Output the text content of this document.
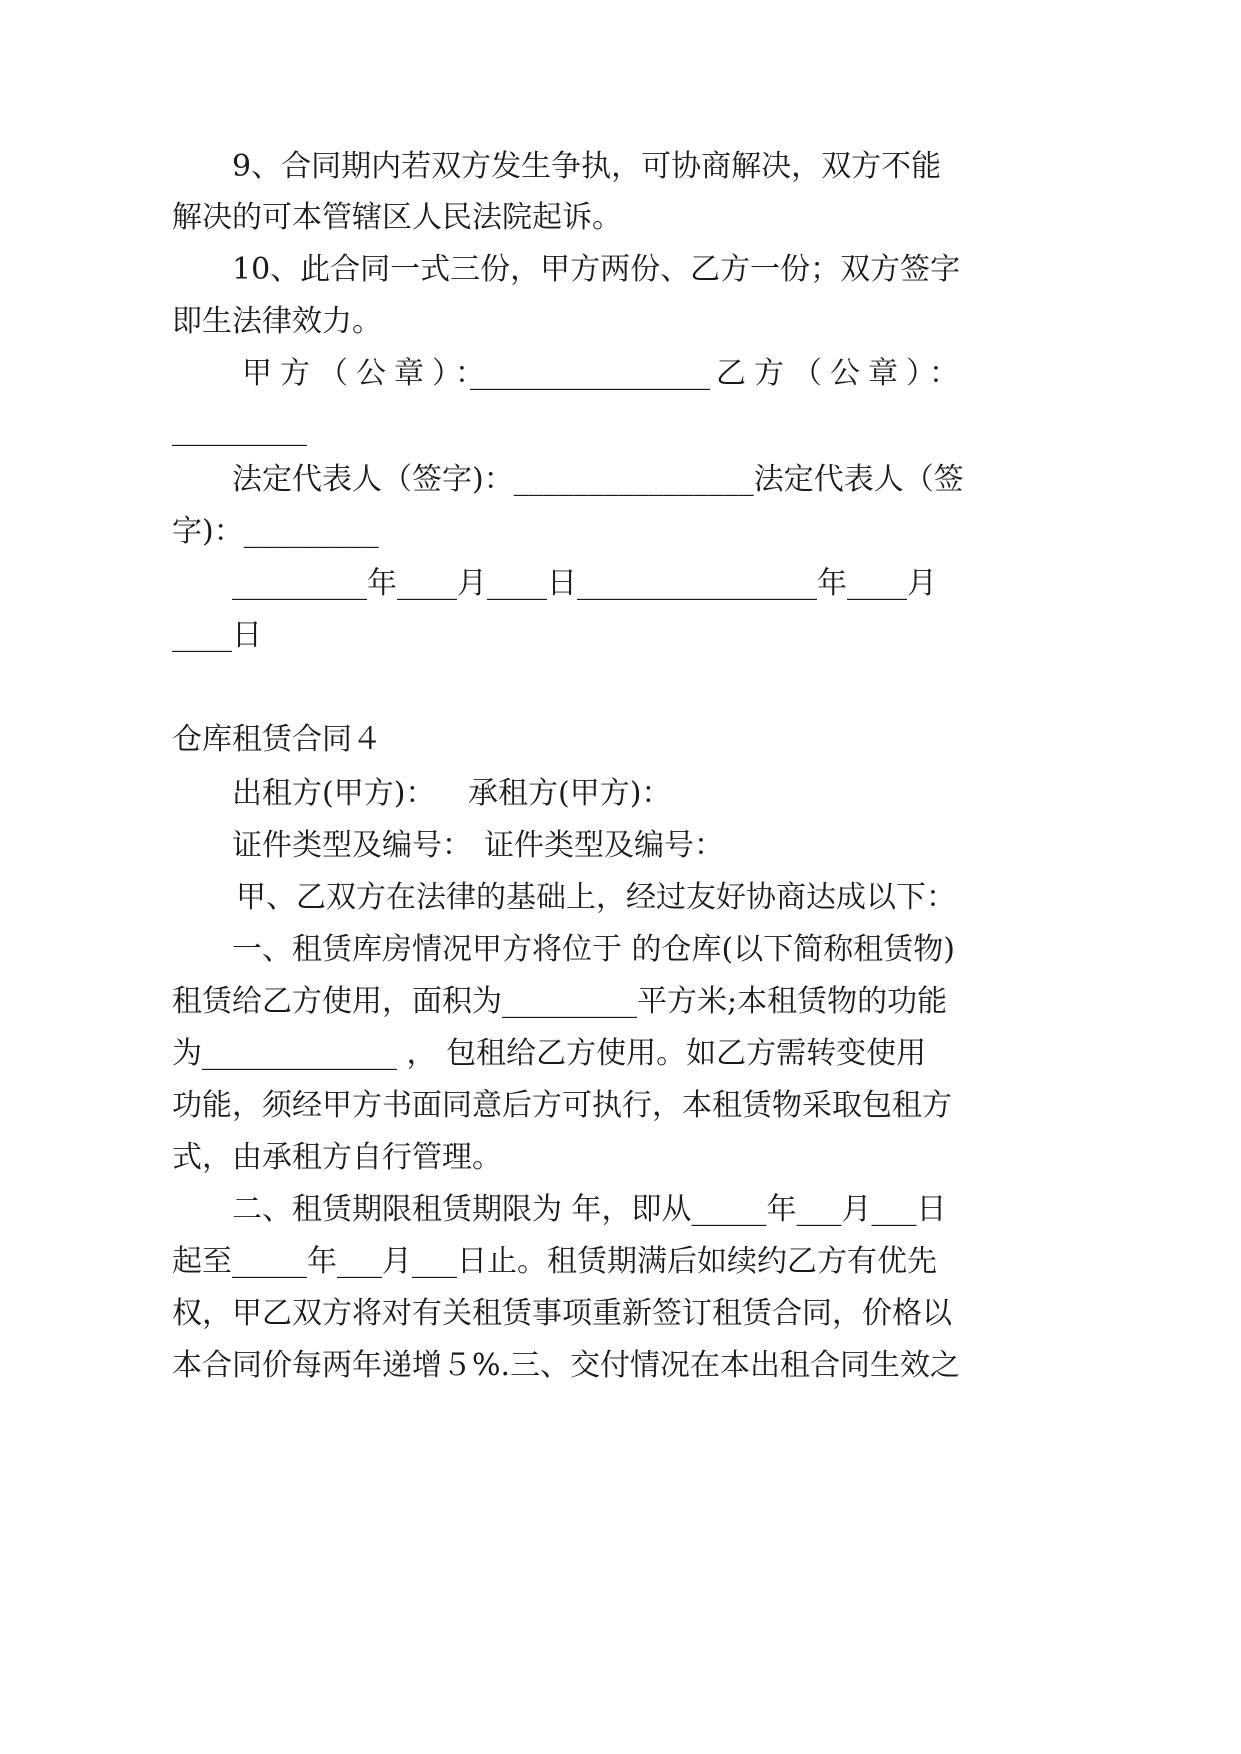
9、合同期内若双方发生争执，可协商解决，双方不能

解决的可本管辖区人民法院起诉。

10、此合同一式三份，甲方两份、乙方一份；双方签字

即生法律效力。

甲方（公章）：

________________

乙方（公章）：

_________

法定代表人（签字)：________________法定代表人（签

字)：_________

_________年____月____日________________年____月

____日

仓库租赁合同４

出租方(甲方)：

承租方(甲方)：

证件类型及编号：

证件类型及编号：

甲、乙双方在法律的基础上，经过友好协商达成以下：

一、租赁库房情况甲方将位于 的仓库(以下简称租赁物)

租赁给乙方使用，面积为_________平方米;本租赁物的功能

为_____________ ， 包租给乙方使用。如乙方需转变使用

功能，须经甲方书面同意后方可执行，本租赁物采取包租方

式，由承租方自行管理。

二、租赁期限租赁期限为 年，即从_____年___月___日

起至_____年___月___日止。租赁期满后如续约乙方有优先

权，甲乙双方将对有关租赁事项重新签订租赁合同，价格以

本合同价每两年递增５%.三、交付情况在本出租合同生效之
